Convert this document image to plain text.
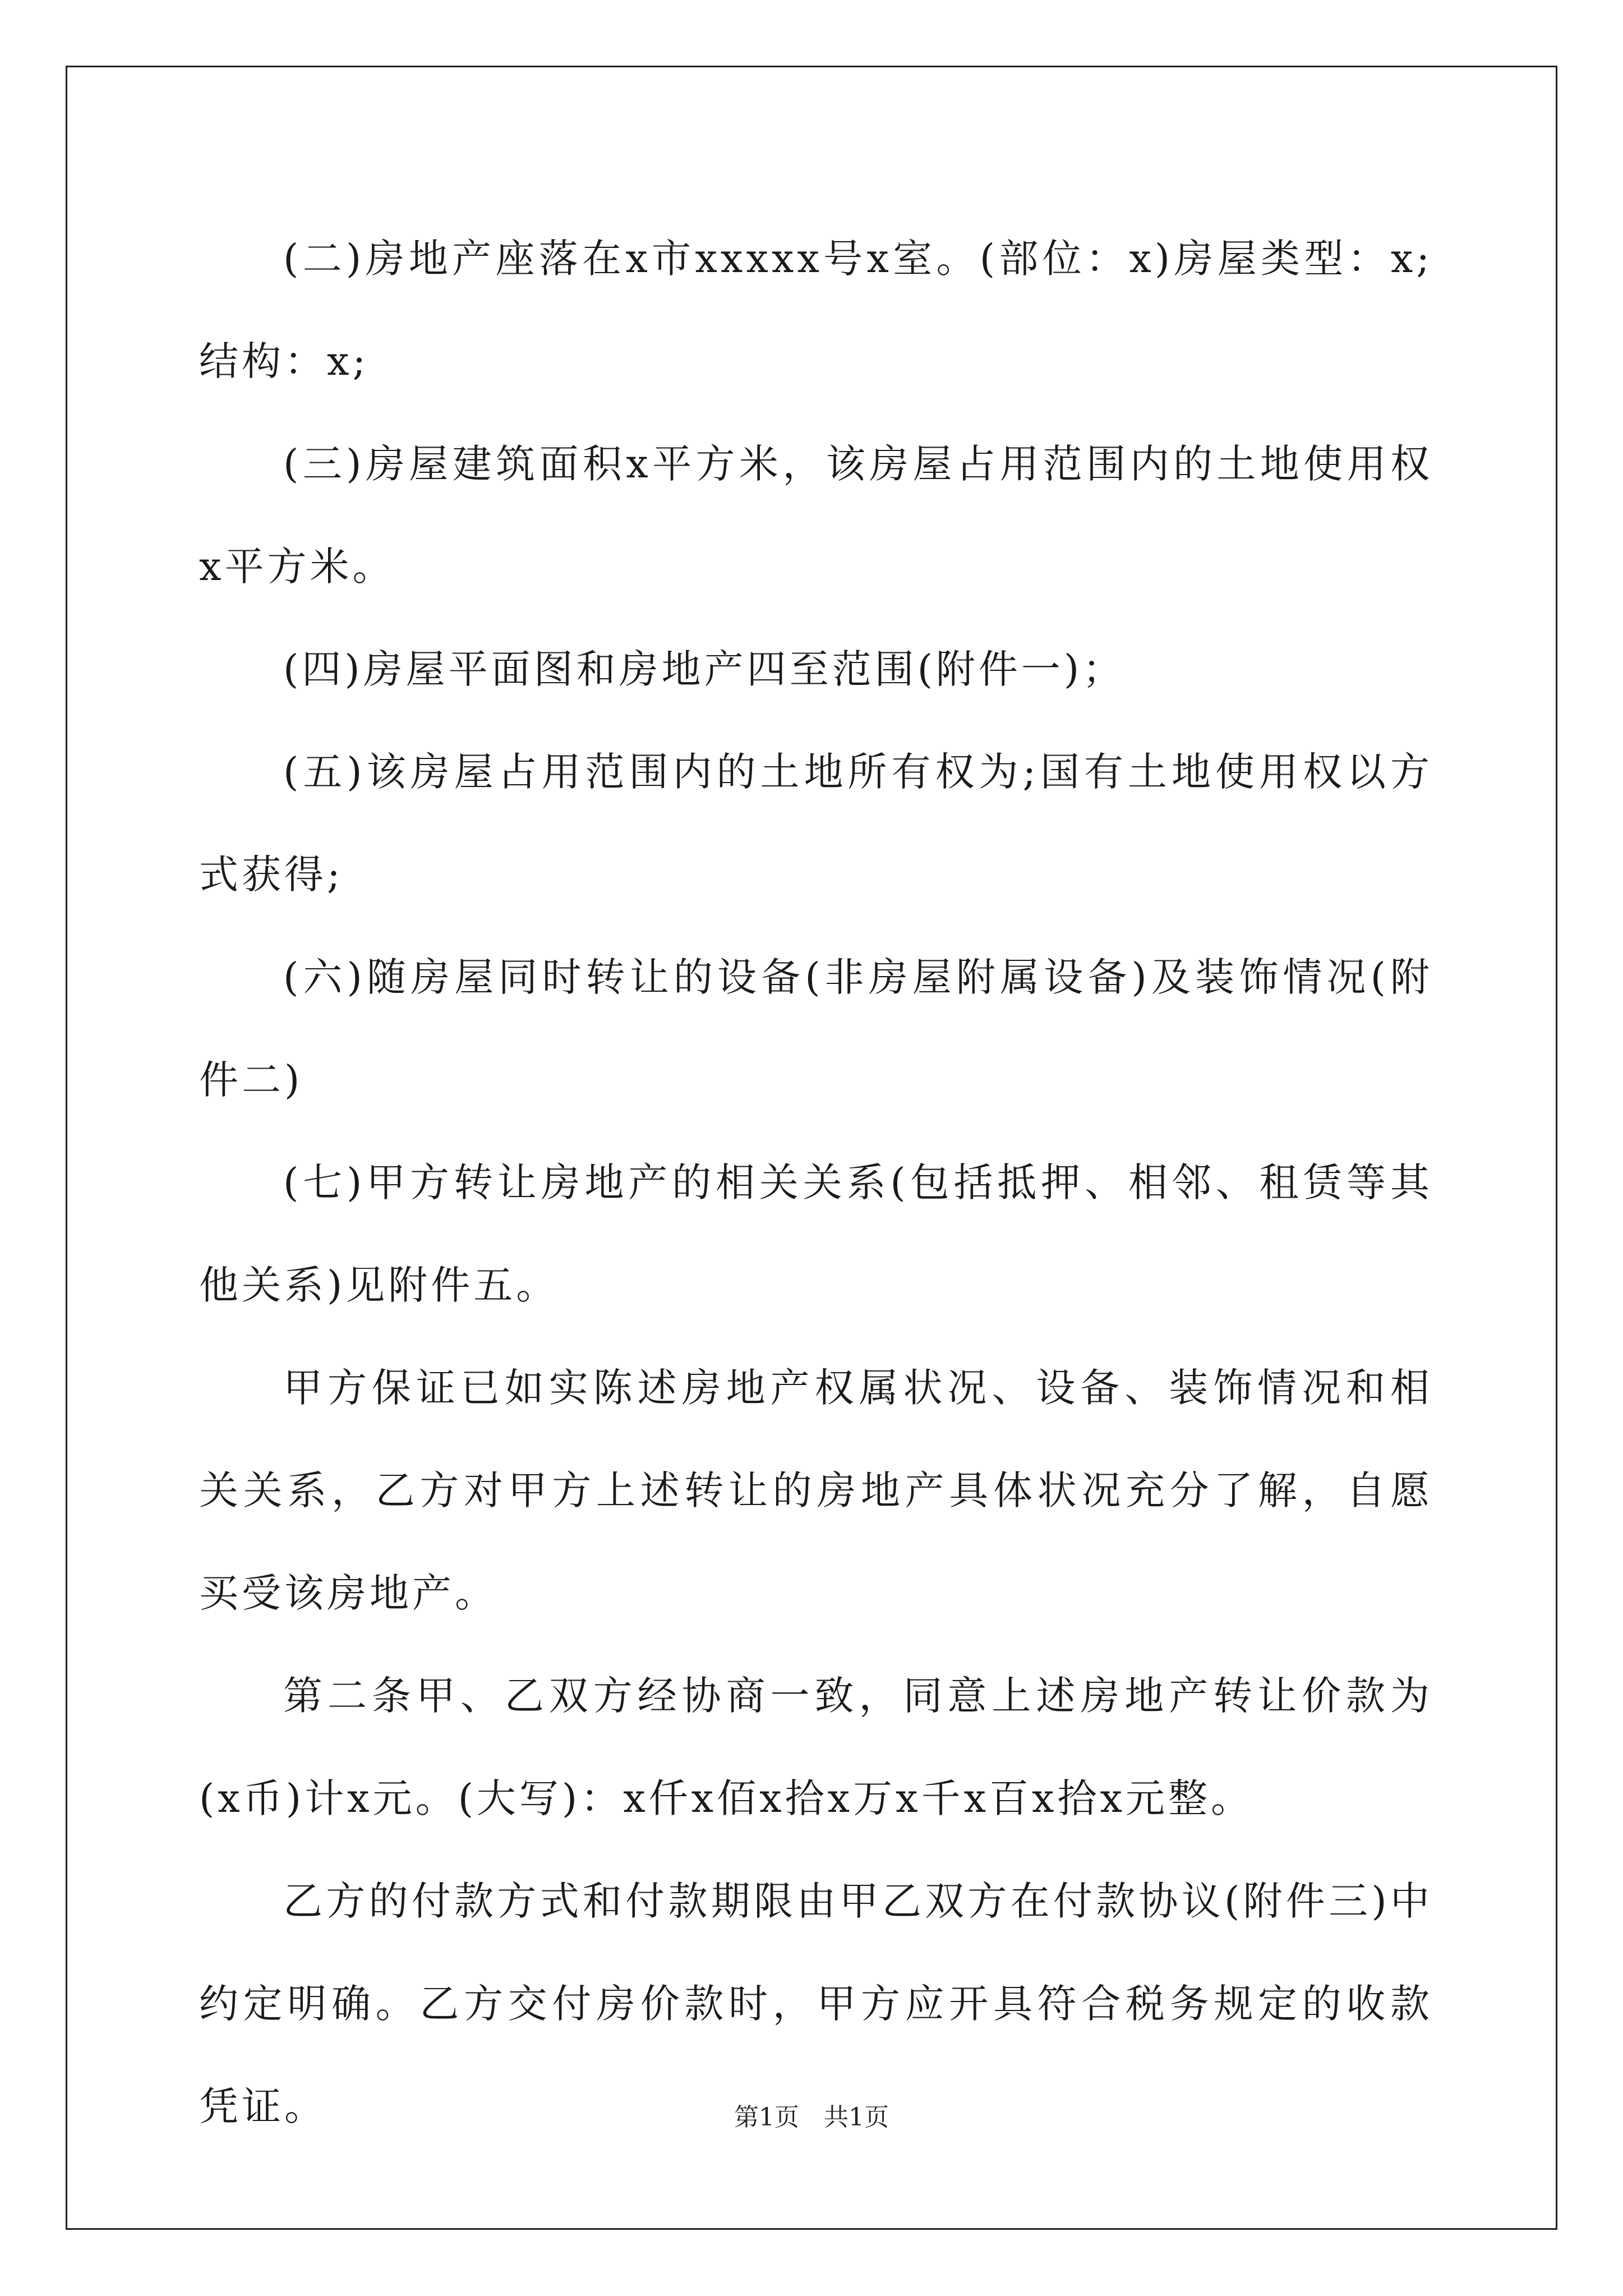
(二)房地产座落在x市xxxxx号x室。(部位：x)房屋类型：x;结构：x;

(三)房屋建筑面积x平方米，该房屋占用范围内的土地使用权x平方米。

(四)房屋平面图和房地产四至范围(附件一)；

(五)该房屋占用范围内的土地所有权为;国有土地使用权以方式获得;

(六)随房屋同时转让的设备(非房屋附属设备)及装饰情况(附件二)

(七)甲方转让房地产的相关关系(包括抵押、相邻、租赁等其他关系)见附件五。

甲方保证已如实陈述房地产权属状况、设备、装饰情况和相关关系，乙方对甲方上述转让的房地产具体状况充分了解，自愿买受该房地产。

第二条甲、乙双方经协商一致，同意上述房地产转让价款为(x币)计x元。(大写)：x仟x佰x拾x万x千x百x拾x元整。

乙方的付款方式和付款期限由甲乙双方在付款协议(附件三)中约定明确。乙方交付房价款时，甲方应开具符合税务规定的收款凭证。	第1页　共1页
